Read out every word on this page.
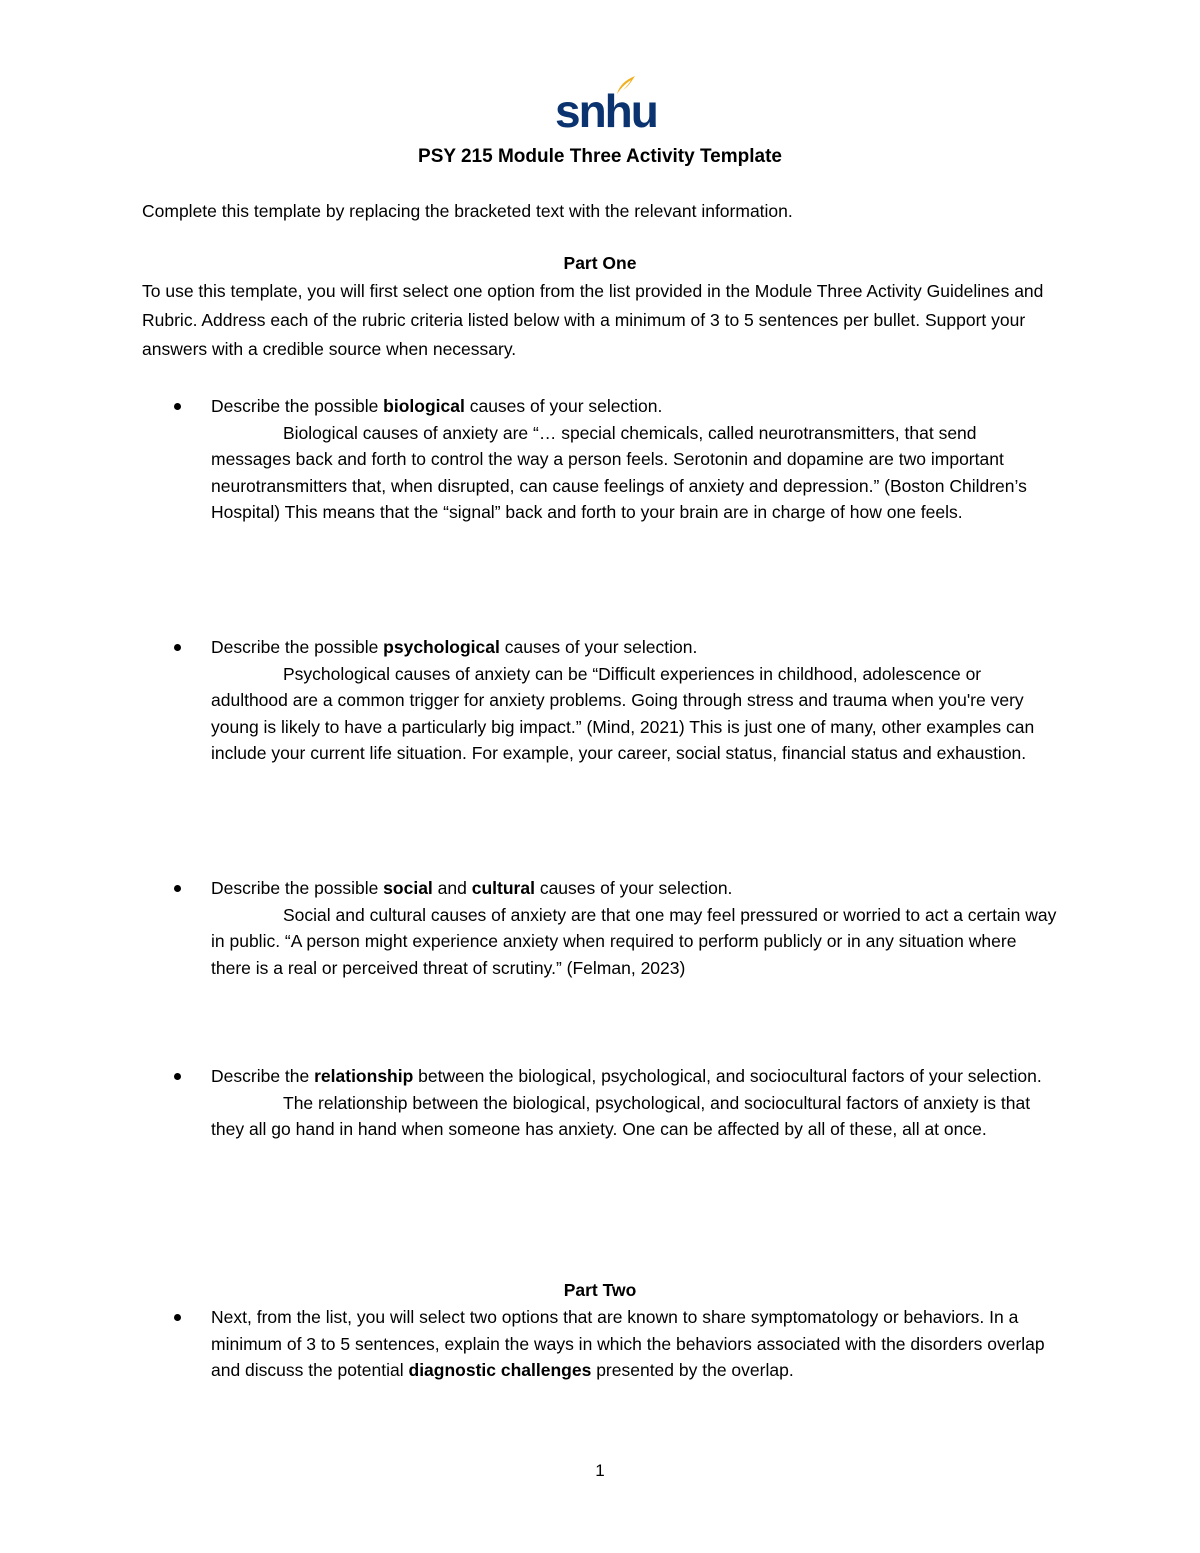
snhu
PSY 215 Module Three Activity Template
Complete this template by replacing the bracketed text with the relevant information.
Part One
To use this template, you will first select one option from the list provided in the Module Three Activity Guidelines and Rubric. Address each of the rubric criteria listed below with a minimum of 3 to 5 sentences per bullet. Support your answers with a credible source when necessary.
Describe the possible biological causes of your selection.
Biological causes of anxiety are “… special chemicals, called neurotransmitters, that send messages back and forth to control the way a person feels. Serotonin and dopamine are two important neurotransmitters that, when disrupted, can cause feelings of anxiety and depression.” (Boston Children’s Hospital) This means that the “signal” back and forth to your brain are in charge of how one feels.
Describe the possible psychological causes of your selection.
Psychological causes of anxiety can be “Difficult experiences in childhood, adolescence or adulthood are a common trigger for anxiety problems. Going through stress and trauma when you're very young is likely to have a particularly big impact.” (Mind, 2021) This is just one of many, other examples can include your current life situation. For example, your career, social status, financial status and exhaustion.
Describe the possible social and cultural causes of your selection.
Social and cultural causes of anxiety are that one may feel pressured or worried to act a certain way in public. “A person might experience anxiety when required to perform publicly or in any situation where there is a real or perceived threat of scrutiny.” (Felman, 2023)
Describe the relationship between the biological, psychological, and sociocultural factors of your selection.
The relationship between the biological, psychological, and sociocultural factors of anxiety is that they all go hand in hand when someone has anxiety. One can be affected by all of these, all at once.
Part Two
Next, from the list, you will select two options that are known to share symptomatology or behaviors. In a minimum of 3 to 5 sentences, explain the ways in which the behaviors associated with the disorders overlap and discuss the potential diagnostic challenges presented by the overlap.
1
